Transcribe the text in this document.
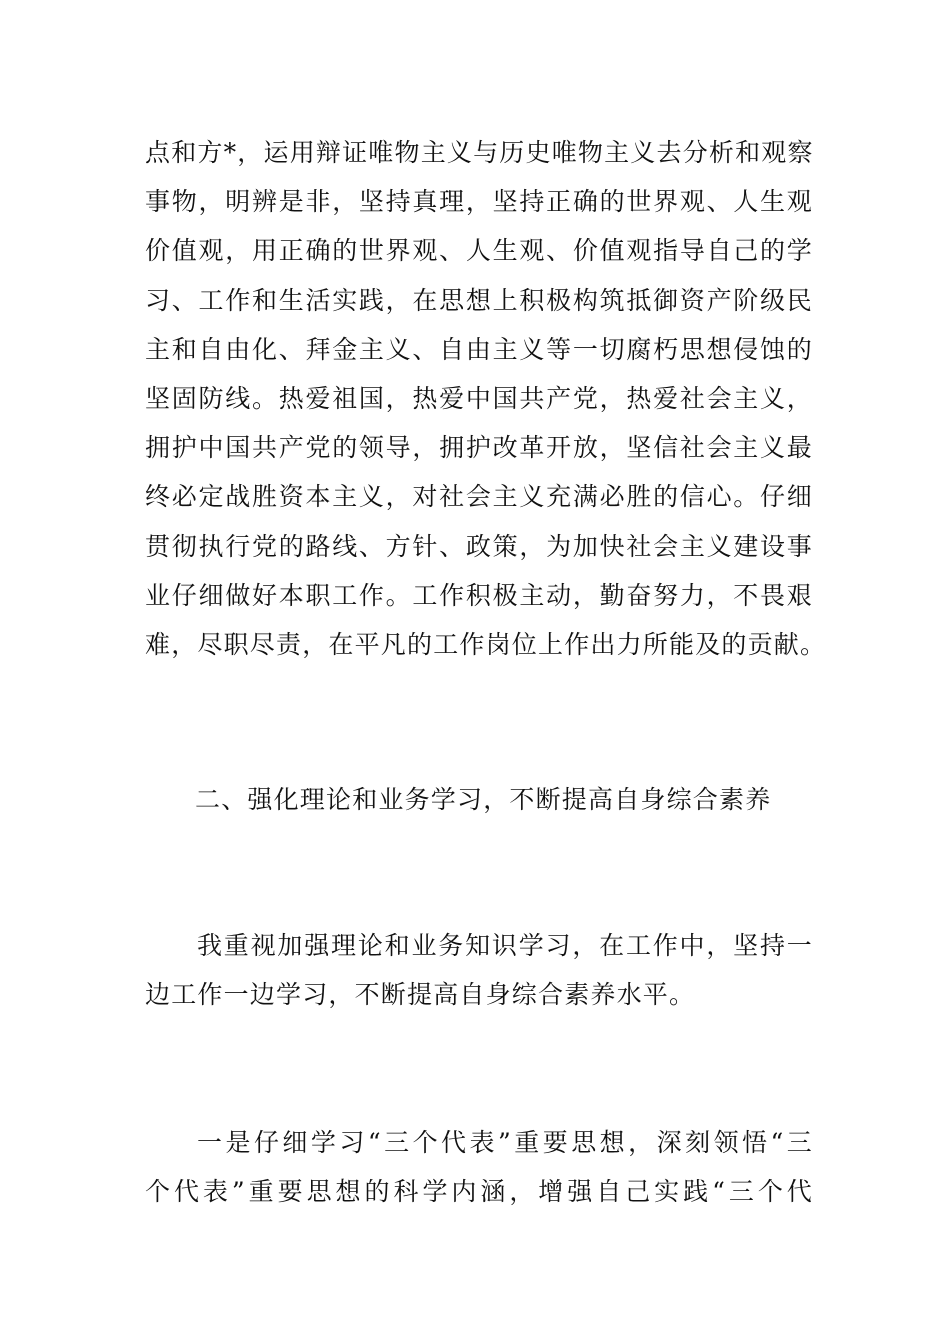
点和方*，运用辩证唯物主义与历史唯物主义去分析和观察
事物，明辨是非，坚持真理，坚持正确的世界观、人生观
价值观，用正确的世界观、人生观、价值观指导自己的学
习、工作和生活实践，在思想上积极构筑抵御资产阶级民
主和自由化、拜金主义、自由主义等一切腐朽思想侵蚀的
坚固防线。热爱祖国，热爱中国共产党，热爱社会主义，
拥护中国共产党的领导，拥护改革开放，坚信社会主义最
终必定战胜资本主义，对社会主义充满必胜的信心。仔细
贯彻执行党的路线、方针、政策，为加快社会主义建设事
业仔细做好本职工作。工作积极主动，勤奋努力，不畏艰
难，尽职尽责，在平凡的工作岗位上作出力所能及的贡献。
二、强化理论和业务学习，不断提高自身综合素养
我重视加强理论和业务知识学习，在工作中，坚持一
边工作一边学习，不断提高自身综合素养水平。
一是仔细学习“三个代表”重要思想，深刻领悟“三
个代表”重要思想的科学内涵，增强自己实践“三个代
